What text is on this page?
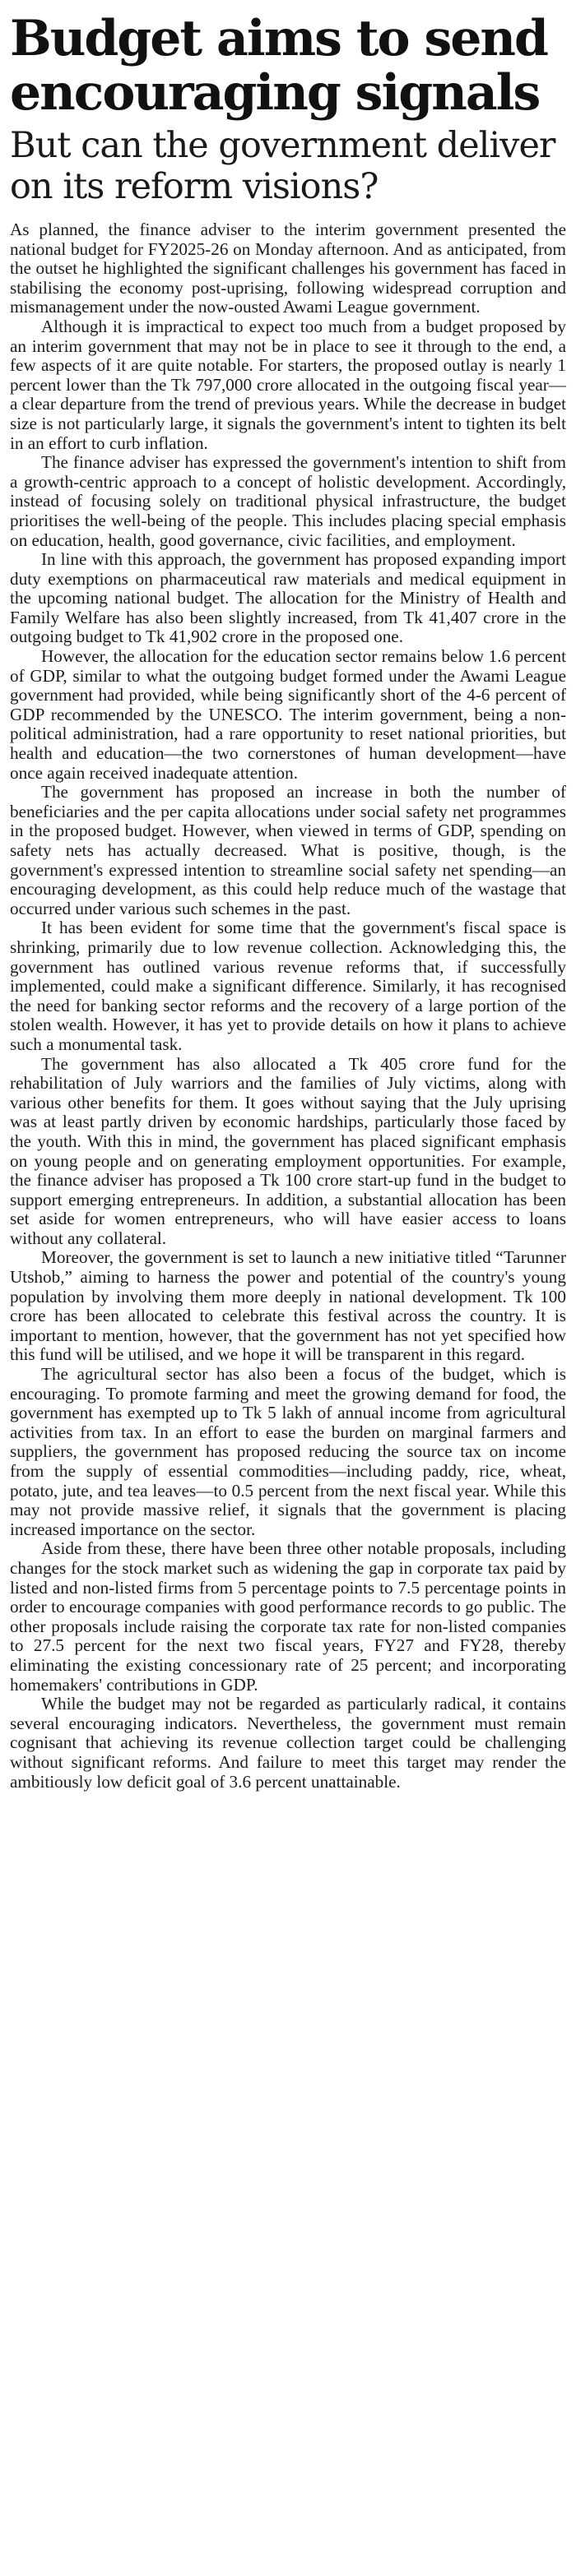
Budget aims to send encouraging signals
But can the government deliver on its reform visions?

As planned, the finance adviser to the interim government presented the national budget for FY2025-26 on Monday afternoon. And as anticipated, from the outset he highlighted the significant challenges his government has faced in stabilising the economy post-uprising, following widespread corruption and mismanagement under the now-ousted Awami League government.

Although it is impractical to expect too much from a budget proposed by an interim government that may not be in place to see it through to the end, a few aspects of it are quite notable. For starters, the proposed outlay is nearly 1 percent lower than the Tk 797,000 crore allocated in the outgoing fiscal year—a clear departure from the trend of previous years. While the decrease in budget size is not particularly large, it signals the government's intent to tighten its belt in an effort to curb inflation.

The finance adviser has expressed the government's intention to shift from a growth-centric approach to a concept of holistic development. Accordingly, instead of focusing solely on traditional physical infrastructure, the budget prioritises the well-being of the people. This includes placing special emphasis on education, health, good governance, civic facilities, and employment.

In line with this approach, the government has proposed expanding import duty exemptions on pharmaceutical raw materials and medical equipment in the upcoming national budget. The allocation for the Ministry of Health and Family Welfare has also been slightly increased, from Tk 41,407 crore in the outgoing budget to Tk 41,902 crore in the proposed one.

However, the allocation for the education sector remains below 1.6 percent of GDP, similar to what the outgoing budget formed under the Awami League government had provided, while being significantly short of the 4-6 percent of GDP recommended by the UNESCO. The interim government, being a non-political administration, had a rare opportunity to reset national priorities, but health and education—the two cornerstones of human development—have once again received inadequate attention.

The government has proposed an increase in both the number of beneficiaries and the per capita allocations under social safety net programmes in the proposed budget. However, when viewed in terms of GDP, spending on safety nets has actually decreased. What is positive, though, is the government's expressed intention to streamline social safety net spending—an encouraging development, as this could help reduce much of the wastage that occurred under various such schemes in the past.

It has been evident for some time that the government's fiscal space is shrinking, primarily due to low revenue collection. Acknowledging this, the government has outlined various revenue reforms that, if successfully implemented, could make a significant difference. Similarly, it has recognised the need for banking sector reforms and the recovery of a large portion of the stolen wealth. However, it has yet to provide details on how it plans to achieve such a monumental task.

The government has also allocated a Tk 405 crore fund for the rehabilitation of July warriors and the families of July victims, along with various other benefits for them. It goes without saying that the July uprising was at least partly driven by economic hardships, particularly those faced by the youth. With this in mind, the government has placed significant emphasis on young people and on generating employment opportunities. For example, the finance adviser has proposed a Tk 100 crore start-up fund in the budget to support emerging entrepreneurs. In addition, a substantial allocation has been set aside for women entrepreneurs, who will have easier access to loans without any collateral.

Moreover, the government is set to launch a new initiative titled “Tarunner Utshob,” aiming to harness the power and potential of the country's young population by involving them more deeply in national development. Tk 100 crore has been allocated to celebrate this festival across the country. It is important to mention, however, that the government has not yet specified how this fund will be utilised, and we hope it will be transparent in this regard.

The agricultural sector has also been a focus of the budget, which is encouraging. To promote farming and meet the growing demand for food, the government has exempted up to Tk 5 lakh of annual income from agricultural activities from tax. In an effort to ease the burden on marginal farmers and suppliers, the government has proposed reducing the source tax on income from the supply of essential commodities—including paddy, rice, wheat, potato, jute, and tea leaves—to 0.5 percent from the next fiscal year. While this may not provide massive relief, it signals that the government is placing increased importance on the sector.

Aside from these, there have been three other notable proposals, including changes for the stock market such as widening the gap in corporate tax paid by listed and non-listed firms from 5 percentage points to 7.5 percentage points in order to encourage companies with good performance records to go public. The other proposals include raising the corporate tax rate for non-listed companies to 27.5 percent for the next two fiscal years, FY27 and FY28, thereby eliminating the existing concessionary rate of 25 percent; and incorporating homemakers' contributions in GDP.

While the budget may not be regarded as particularly radical, it contains several encouraging indicators. Nevertheless, the government must remain cognisant that achieving its revenue collection target could be challenging without significant reforms. And failure to meet this target may render the ambitiously low deficit goal of 3.6 percent unattainable.
